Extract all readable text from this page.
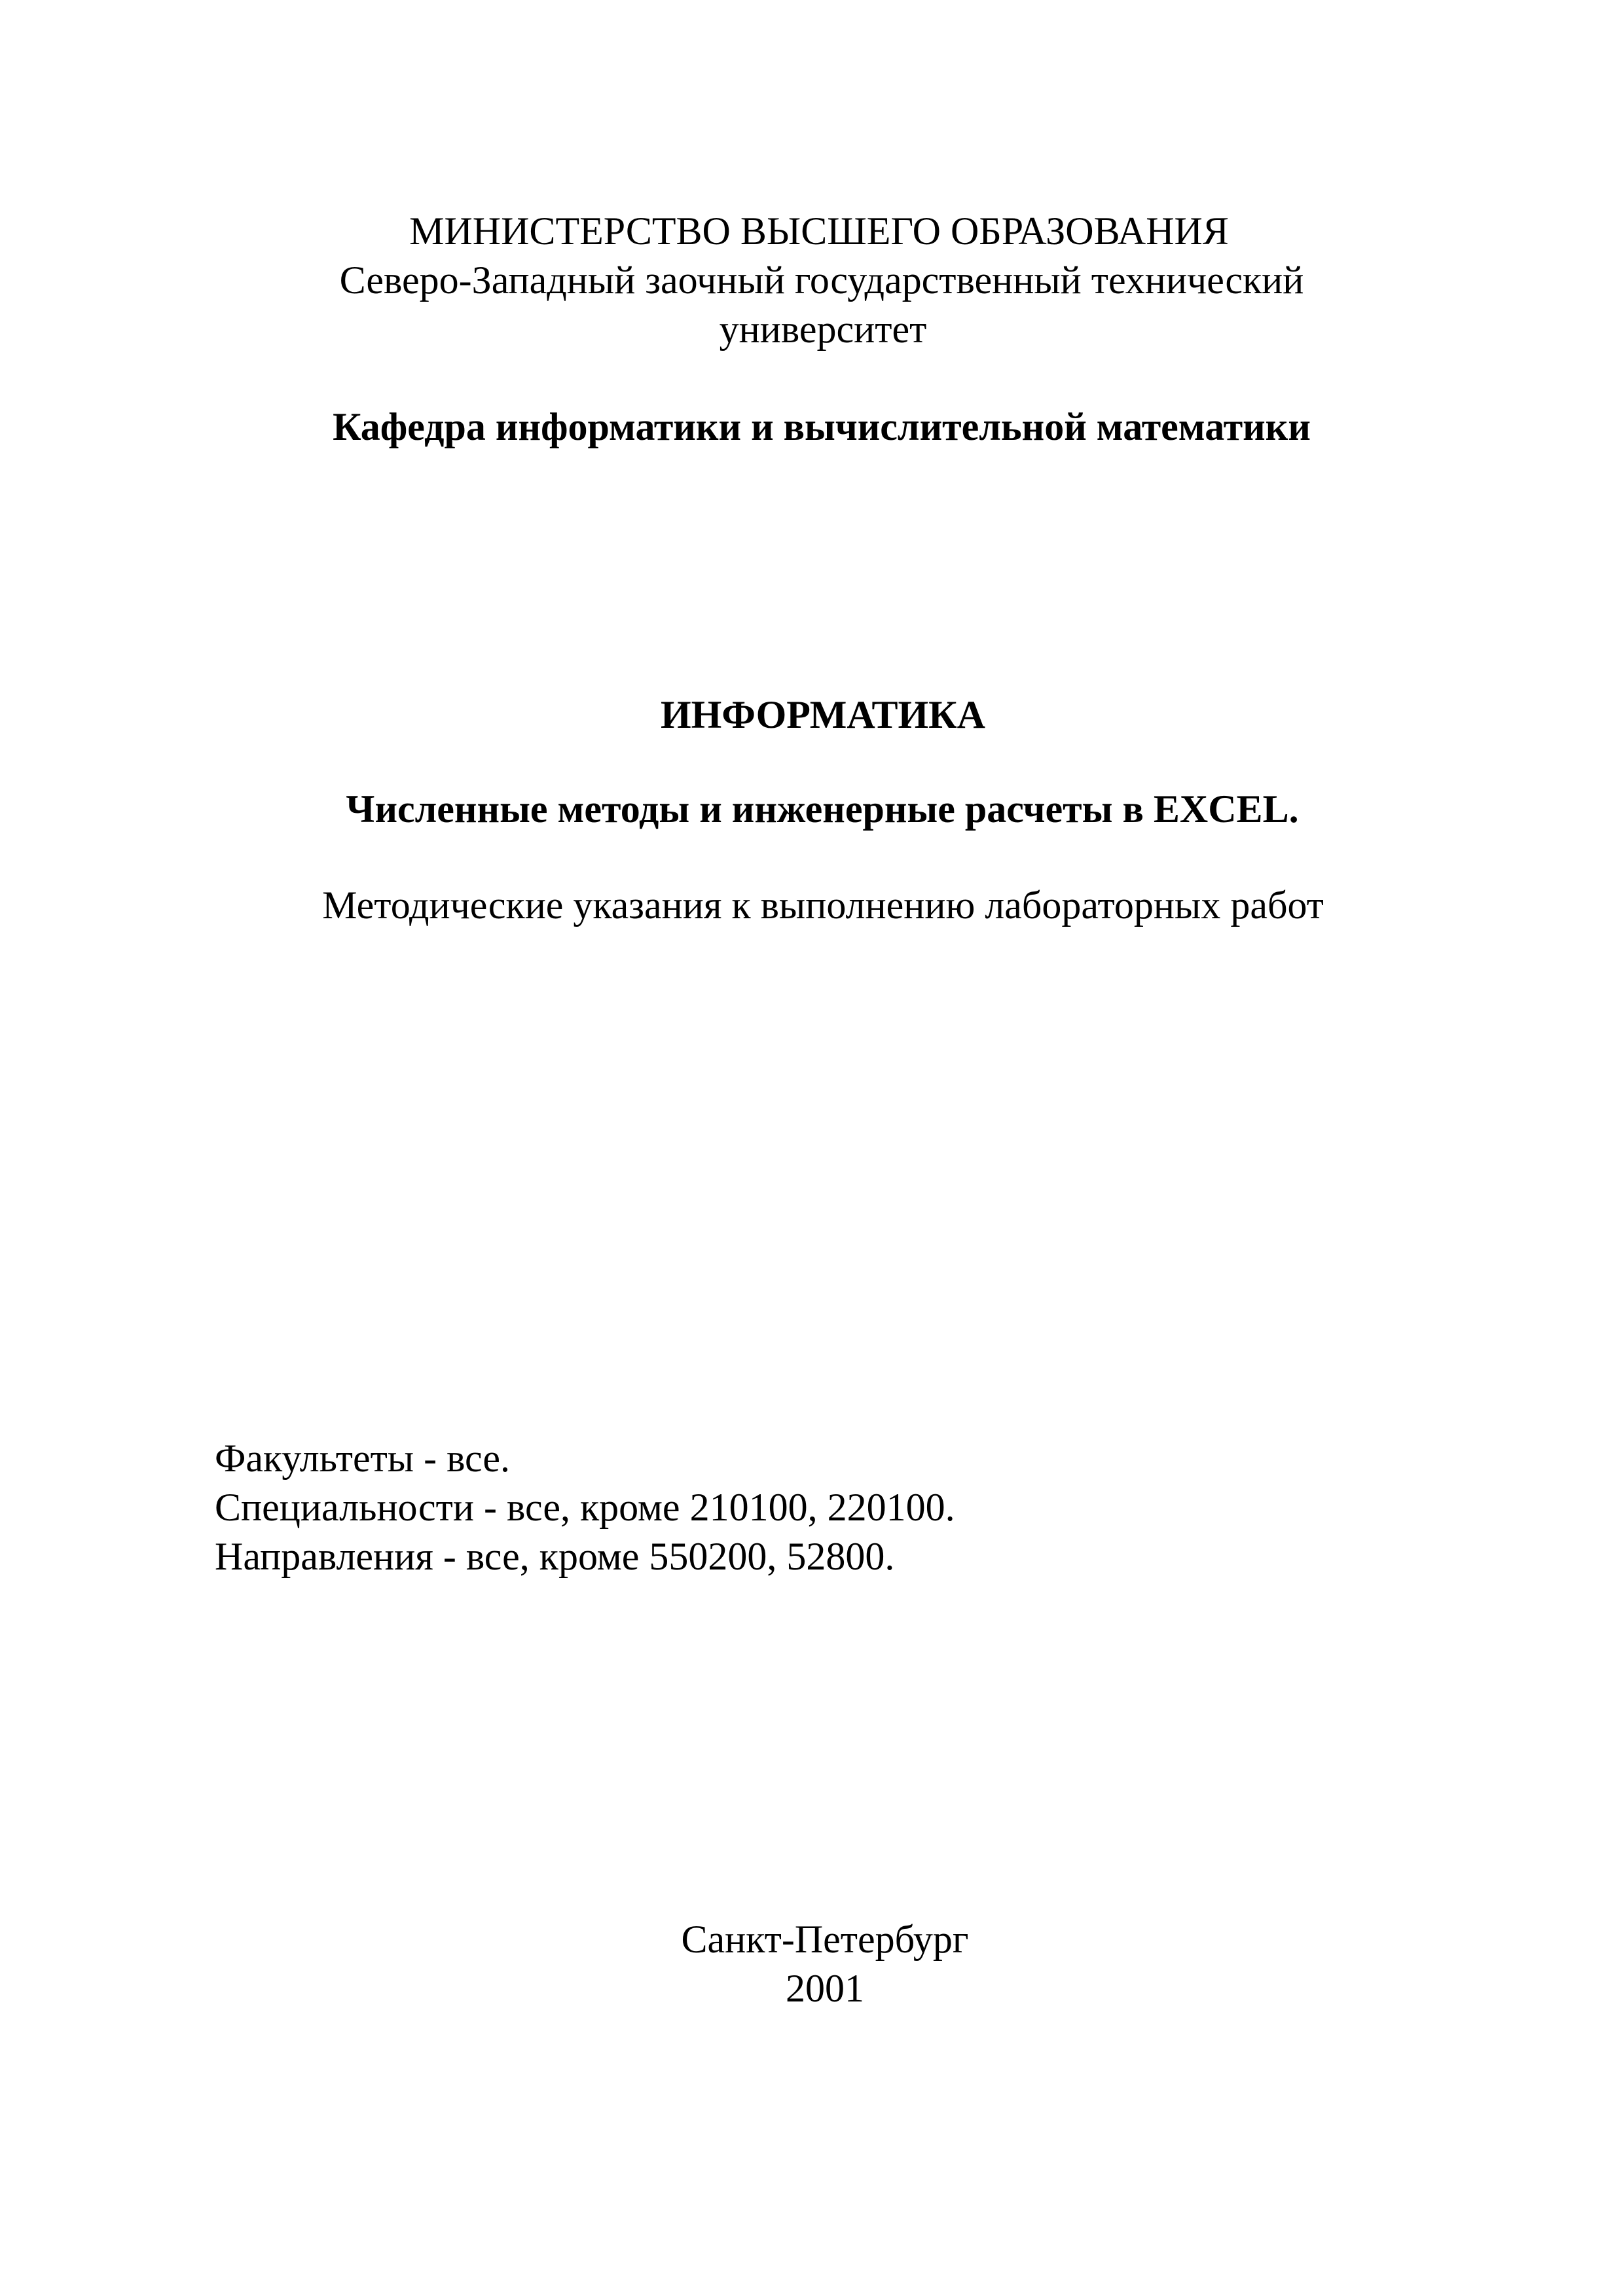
МИНИСТЕРСТВО ВЫСШЕГО ОБРАЗОВАНИЯ
Северо-Западный заочный государственный технический
университет
Кафедра информатики и вычислительной математики
ИНФОРМАТИКА
Численные методы и инженерные расчеты в EXCEL.
Методические указания к выполнению лабораторных работ
Факультеты - все.
Специальности - все, кроме 210100, 220100.
Направления - все, кроме 550200, 52800.
Санкт-Петербург
2001
